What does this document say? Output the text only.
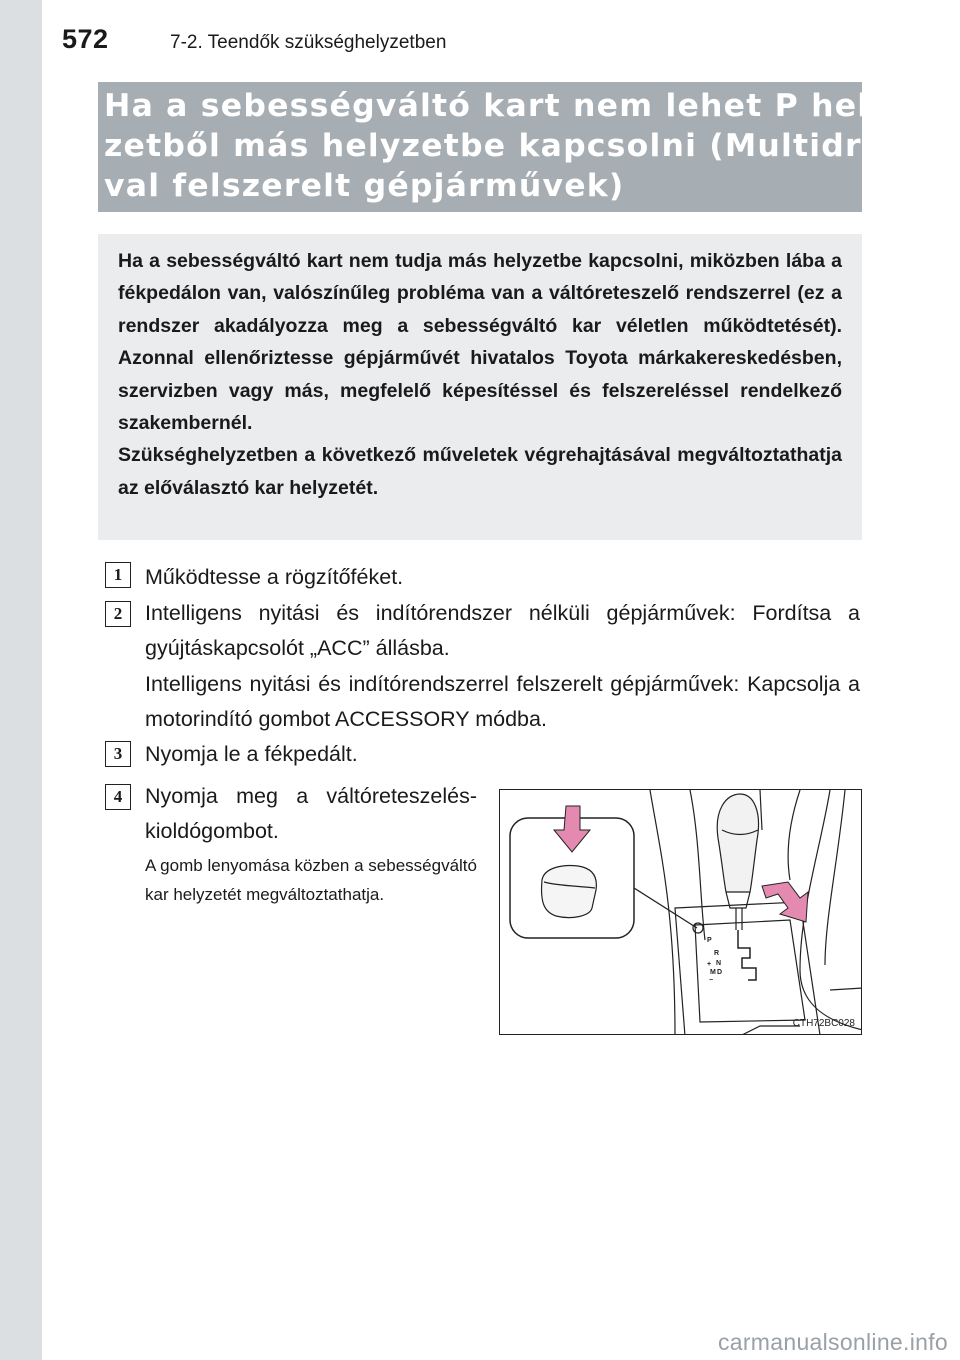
572	7-2. Teendők szükséghelyzetben
Ha a sebességváltó kart nem lehet P hely-
zetből más helyzetbe kapcsolni (Multidrive-
val felszerelt gépjárművek)

Ha a sebességváltó kart nem tudja más helyzetbe kapcsolni, miközben lába a fékpedálon van, valószínűleg probléma van a váltóreteszelő rendszerrel (ez a rendszer akadályozza meg a sebességváltó kar véletlen működtetését). Azonnal ellenőriztesse gépjárművét hivatalos Toyota márkakereskedésben, szervizben vagy más, megfelelő képesítéssel és felszereléssel rendelkező szakembernél.

Szükséghelyzetben a következő műveletek végrehajtásával megváltoztathatja az előválasztó kar helyzetét.

1	Működtesse a rögzítőféket.

2	Intelligens nyitási és indítórendszer nélküli gépjárművek: Fordítsa a gyújtáskapcsolót „ACC” állásba.

Intelligens nyitási és indítórendszerrel felszerelt gépjárművek: Kapcsolja a motorindító gombot ACCESSORY módba.

3	Nyomja le a fékpedált.

4	Nyomja meg a váltóreteszelés-kioldógombot.

A gomb lenyomása közben a sebességváltó kar helyzetét megváltoztathatja.

P
R
N
D
M
+
−
CTH72BC028
carmanualsonline.info
